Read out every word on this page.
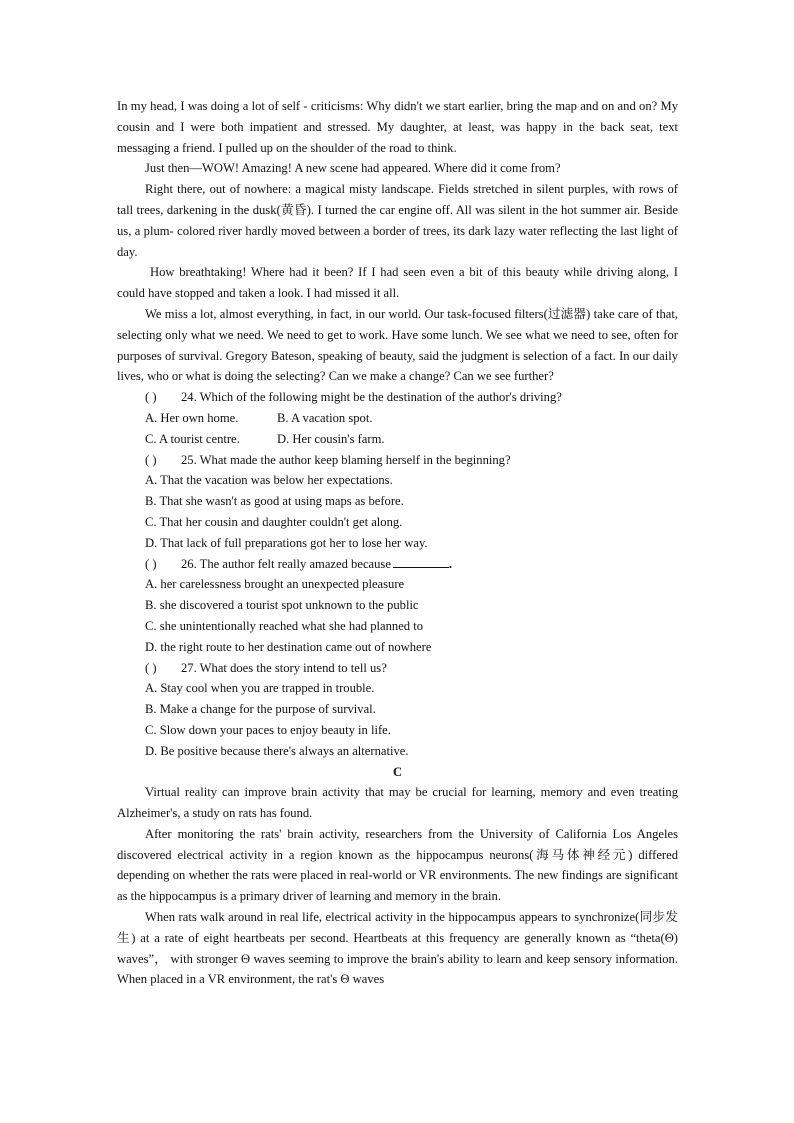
In my head, I was doing a lot of self - criticisms: Why didn't we start earlier, bring the map and on and on? My cousin and I were both impatient and stressed. My daughter, at least, was happy in the back seat, text messaging a friend. I pulled up on the shoulder of the road to think.

Just then—WOW! Amazing! A new scene had appeared. Where did it come from?

Right there, out of nowhere: a magical misty landscape. Fields stretched in silent purples, with rows of tall trees, darkening in the dusk(黄昏). I turned the car engine off. All was silent in the hot summer air. Beside us, a plum- colored river hardly moved between a border of trees, its dark lazy water reflecting the last light of day.

How breathtaking! Where had it been? If I had seen even a bit of this beauty while driving along, I could have stopped and taken a look. I had missed it all.

We miss a lot, almost everything, in fact, in our world. Our task-focused filters(过滤器) take care of that, selecting only what we need. We need to get to work. Have some lunch. We see what we need to see, often for purposes of survival. Gregory Bateson, speaking of beauty, said the judgment is selection of a fact. In our daily lives, who or what is doing the selecting? Can we make a change? Can we see further?

( ) 24. Which of the following might be the destination of the author's driving?

A. Her own home.	B. A vacation spot.
C. A tourist centre.	D. Her cousin's farm.

( ) 25. What made the author keep blaming herself in the beginning?

A. That the vacation was below her expectations.

B. That she wasn't as good at using maps as before.

C. That her cousin and daughter couldn't get along.

D. That lack of full preparations got her to lose her way.

( ) 26. The author felt really amazed because	.

A. her carelessness brought an unexpected pleasure

B. she discovered a tourist spot unknown to the public

C. she unintentionally reached what she had planned to

D. the right route to her destination came out of nowhere

( ) 27. What does the story intend to tell us?

A. Stay cool when you are trapped in trouble.

B. Make a change for the purpose of survival.

C. Slow down your paces to enjoy beauty in life.

D. Be positive because there's always an alternative.

C

Virtual reality can improve brain activity that may be crucial for learning, memory and even treating Alzheimer's, a study on rats has found.

After monitoring the rats' brain activity, researchers from the University of California Los Angeles discovered electrical activity in a region known as the hippocampus neurons(海马体神经元) differed depending on whether the rats were placed in real-world or VR environments. The new findings are significant as the hippocampus is a primary driver of learning and memory in the brain.

When rats walk around in real life, electrical activity in the hippocampus appears to synchronize(同步发生) at a rate of eight heartbeats per second. Heartbeats at this frequency are generally known as “theta(Θ) waves”， with stronger Θ waves seeming to improve the brain's ability to learn and keep sensory information. When placed in a VR environment, the rat's Θ waves
